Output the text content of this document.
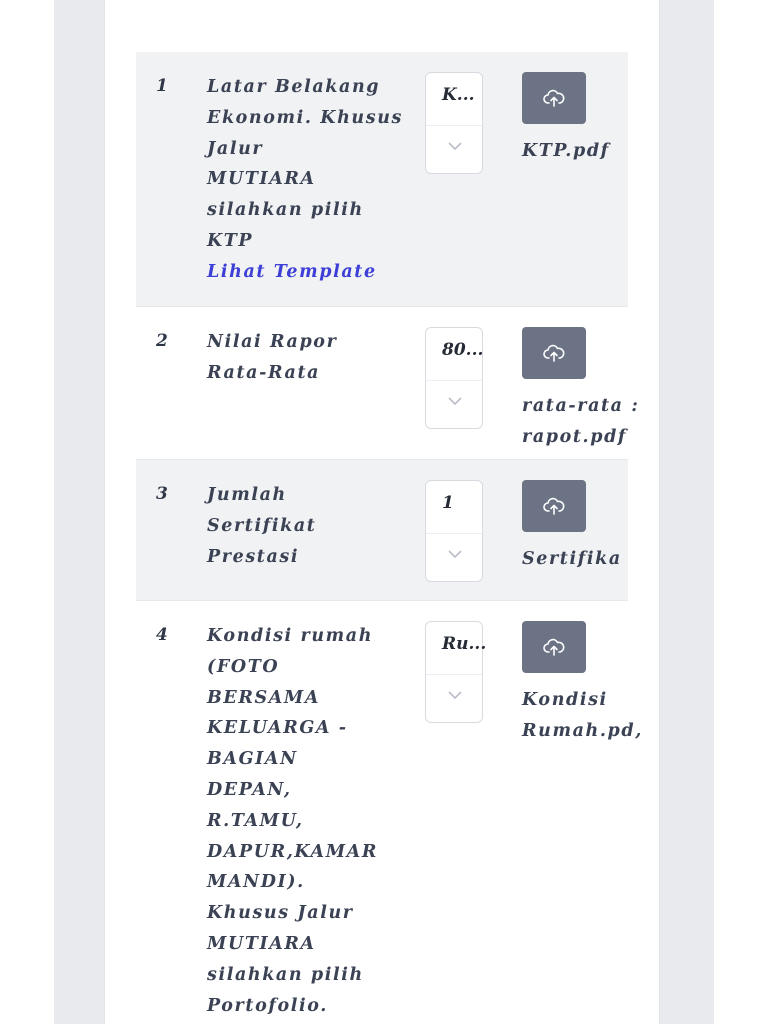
1 Latar Belakang
Ekonomi. Khusus
Jalur
MUTIARA
silahkan pilih
KTP
Lihat Template
K...
KTP.pdf
2 Nilai Rapor
Rata-Rata
80...
rata-rata :
rapot.pdf
3 Jumlah
Sertifikat
Prestasi
1
Sertifika
4 Kondisi rumah
(FOTO
BERSAMA
KELUARGA -
BAGIAN
DEPAN,
R.TAMU,
DAPUR,KAMAR
MANDI).
Khusus Jalur
MUTIARA
silahkan pilih
Portofolio.
Ru...
Kondisi
Rumah.pd,
